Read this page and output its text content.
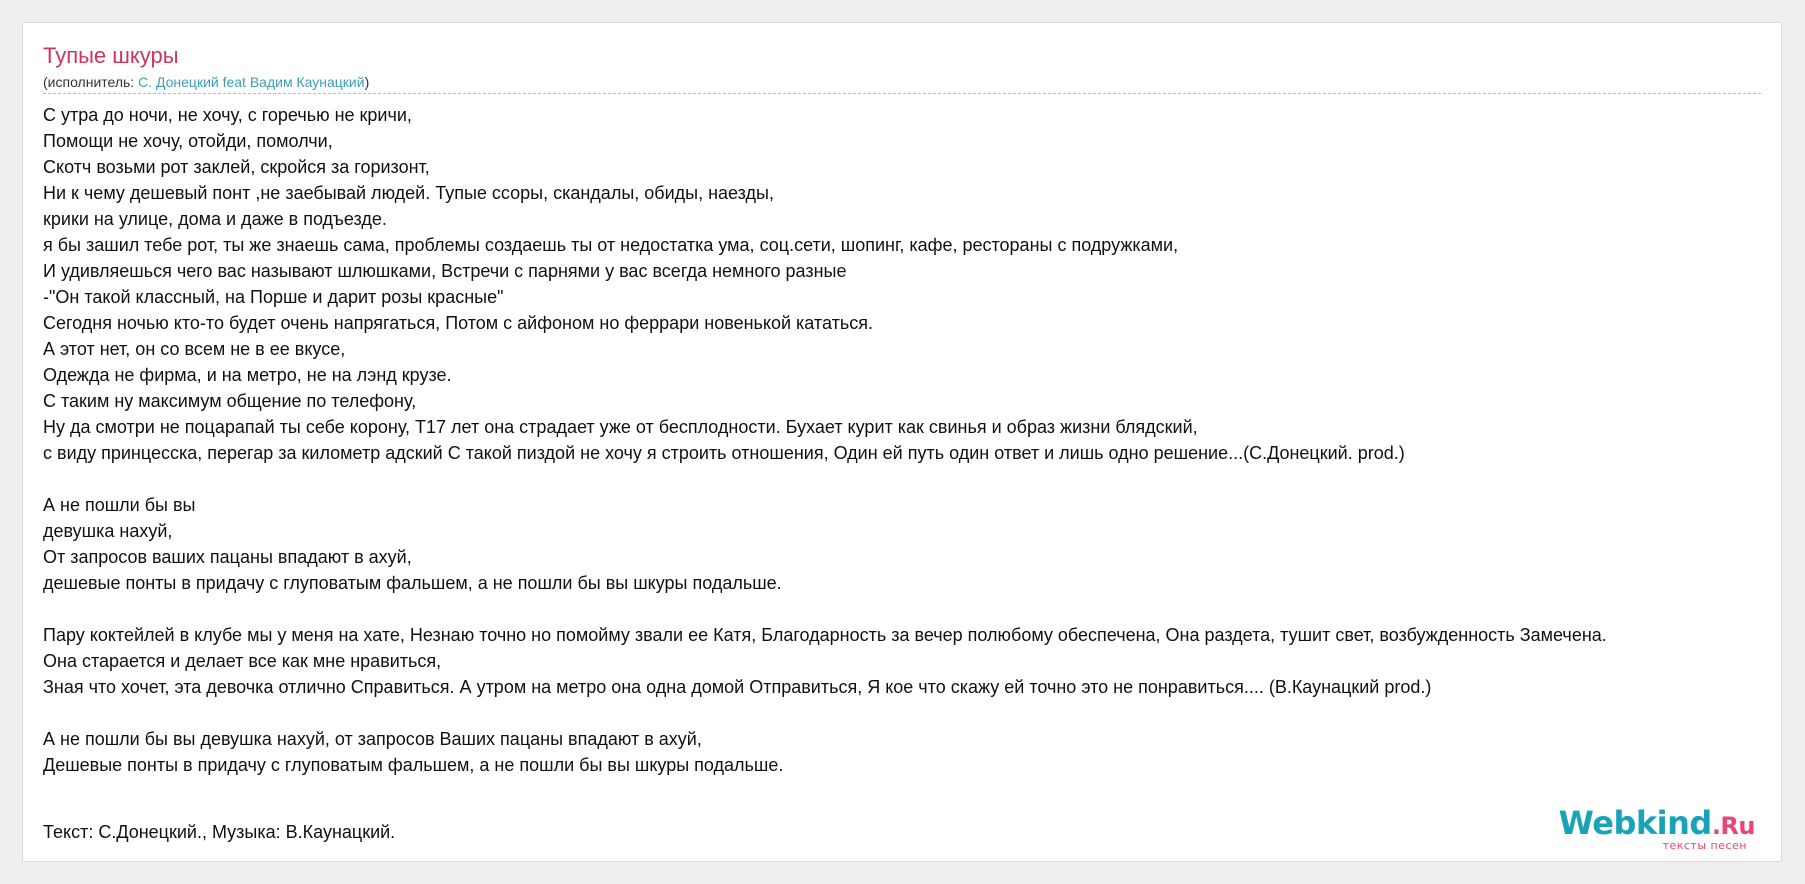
Тупые шкуры
(исполнитель: С. Донецкий feat Вадим Каунацкий)
С утра до ночи, не хочу, с горечью не кричи,
Помощи не хочу, отойди, помолчи,
Скотч возьми рот заклей, скройся за горизонт,
Ни к чему дешевый понт ,не заебывай людей. Тупые ссоры, скандалы, обиды, наезды,
крики на улице, дома и даже в подъезде.
я бы зашил тебе рот, ты же знаешь сама, проблемы создаешь ты от недостатка ума, соц.сети, шопинг, кафе, рестораны с подружками,
И удивляешься чего вас называют шлюшками, Встречи с парнями у вас всегда немного разные
-"Он такой классный, на Порше и дарит розы красные"
Сегодня ночью кто-то будет очень напрягаться, Потом с айфоном но феррари новенькой кататься.
А этот нет, он со всем не в ее вкусе,
Одежда не фирма, и на метро, не на лэнд крузе.
С таким ну максимум общение по телефону,
Ну да смотри не поцарапай ты себе корону, Т17 лет она страдает уже от бесплодности. Бухает курит как свинья и образ жизни блядский,
с виду принцесска, перегар за километр адский С такой пиздой не хочу я строить отношения, Один ей путь один ответ и лишь одно решение...(С.Донецкий. prod.)
А не пошли бы вы
девушка нахуй,
От запросов ваших пацаны впадают в ахуй,
дешевые понты в придачу с глуповатым фальшем, а не пошли бы вы шкуры подальше.
Пару коктейлей в клубе мы у меня на хате, Незнаю точно но помойму звали ее Катя, Благодарность за вечер полюбому обеспечена, Она раздета, тушит свет, возбужденность Замечена.
Она старается и делает все как мне нравиться,
Зная что хочет, эта девочка отлично Справиться. А утром на метро она одна домой Отправиться, Я кое что скажу ей точно это не понравиться.... (В.Каунацкий prod.)
А не пошли бы вы девушка нахуй, от запросов Ваших пацаны впадают в ахуй,
Дешевые понты в придачу с глуповатым фальшем, а не пошли бы вы шкуры подальше.
Текст: С.Донецкий., Музыка: В.Каунацкий.	Webkind.Ru
тексты песен
